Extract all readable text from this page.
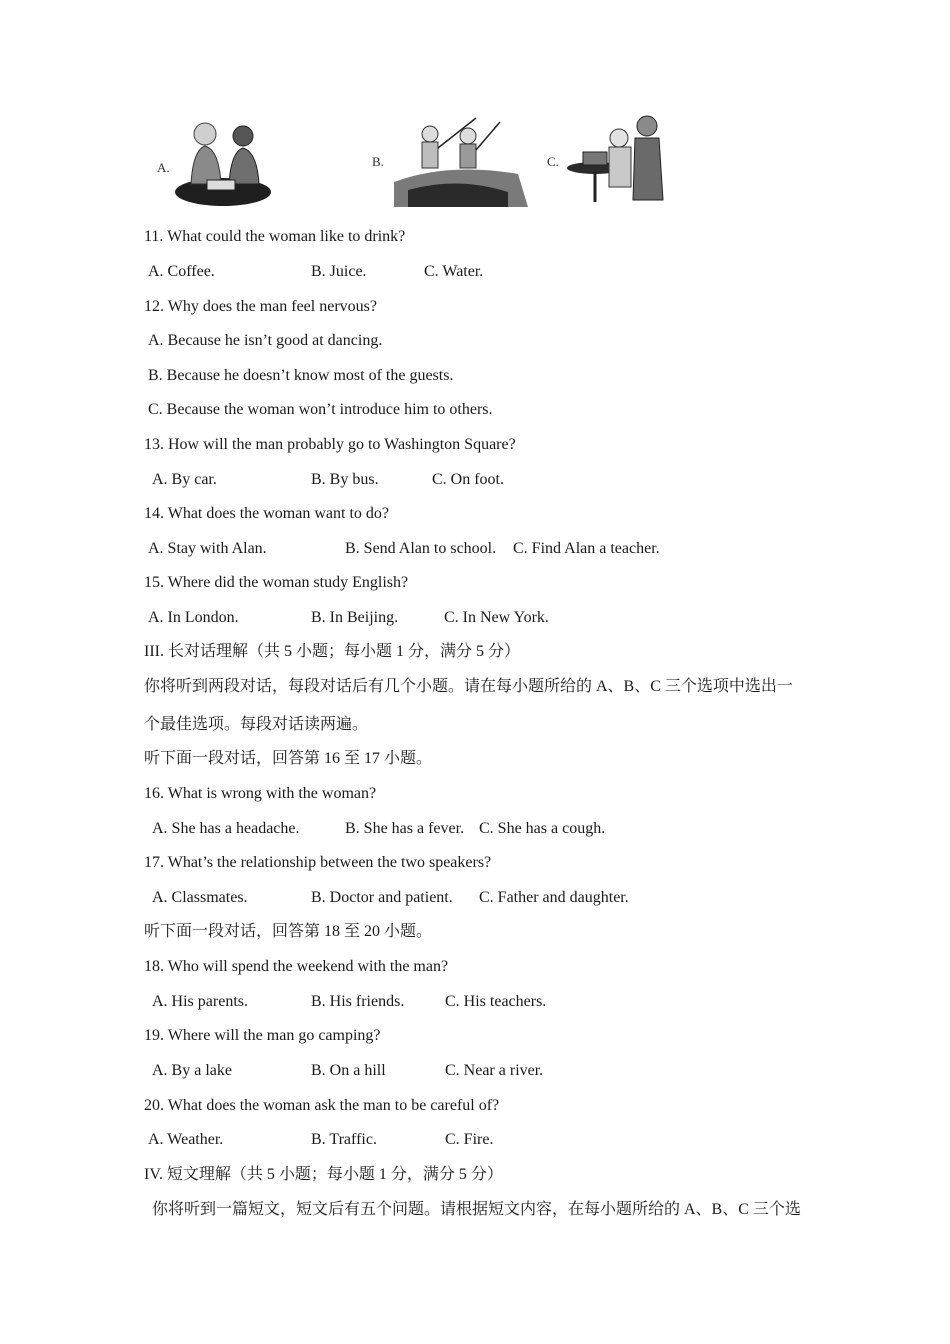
A.	B.	C.
11. What could the woman like to drink?
A. Coffee.	B. Juice.	C. Water.
12. Why does the man feel nervous?
A. Because he isn’t good at dancing.
B. Because he doesn’t know most of the guests.
C. Because the woman won’t introduce him to others.
13. How will the man probably go to Washington Square?
A. By car.	B. By bus.	C. On foot.
14. What does the woman want to do?
A. Stay with Alan.	B. Send Alan to school. C. Find Alan a teacher.
15. Where did the woman study English?
A. In London.	B. In Beijing.	C. In New York.
III. 长对话理解（共 5 小题；每小题 1 分，满分 5 分）
你将听到两段对话，每段对话后有几个小题。请在每小题所给的 A、B、C 三个选项中选出一
个最佳选项。每段对话读两遍。
听下面一段对话，回答第 16 至 17 小题。
16. What is wrong with the woman?
A. She has a headache.	B. She has a fever. C. She has a cough.
17. What’s the relationship between the two speakers?
A. Classmates.	B. Doctor and patient. C. Father and daughter.
听下面一段对话，回答第 18 至 20 小题。
18. Who will spend the weekend with the man?
A. His parents.	B. His friends.	C. His teachers.
19. Where will the man go camping?
A. By a lake	B. On a hill	C. Near a river.
20. What does the woman ask the man to be careful of?
A. Weather.	B. Traffic.	C. Fire.
IV. 短文理解（共 5 小题；每小题 1 分，满分 5 分）
你将听到一篇短文，短文后有五个问题。请根据短文内容，在每小题所给的 A、B、C 三个选
